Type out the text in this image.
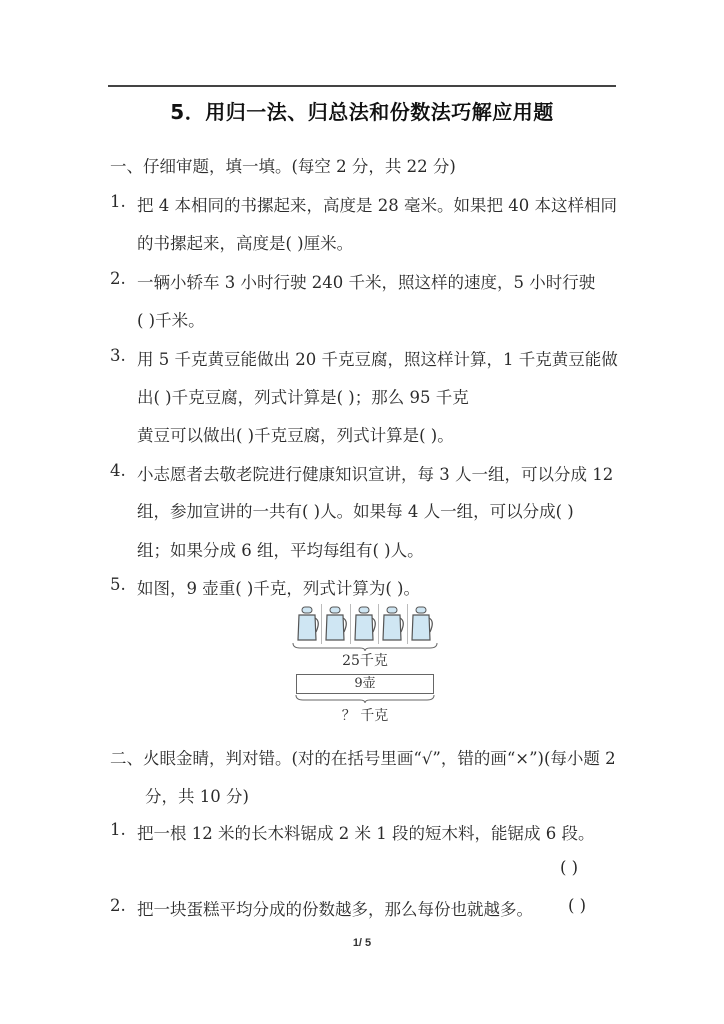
5．用归一法、归总法和份数法巧解应用题
一、仔细审题，填一填。(每空 2 分，共 22 分)
1. 把 4 本相同的书摞起来，高度是 28 毫米。如果把 40 本这样相同
的书摞起来，高度是( )厘米。
2. 一辆小轿车 3 小时行驶 240 千米，照这样的速度，5 小时行驶
( )千米。
3. 用 5 千克黄豆能做出 20 千克豆腐，照这样计算，1 千克黄豆能做
出( )千克豆腐，列式计算是( )；那么 95 千克
黄豆可以做出( )千克豆腐，列式计算是( )。
4. 小志愿者去敬老院进行健康知识宣讲，每 3 人一组，可以分成 12
组，参加宣讲的一共有( )人。如果每 4 人一组，可以分成( )
组；如果分成 6 组，平均每组有( )人。
5. 如图，9 壶重( )千克，列式计算为( )。
25千克
9壶
？ 千克
二、火眼金睛，判对错。(对的在括号里画“√”，错的画“×”)(每小题 2
分，共 10 分)
1. 把一根 12 米的长木料锯成 2 米 1 段的短木料，能锯成 6 段。
( )
2. 把一块蛋糕平均分成的份数越多，那么每份也就越多。 ( )
1/ 5
